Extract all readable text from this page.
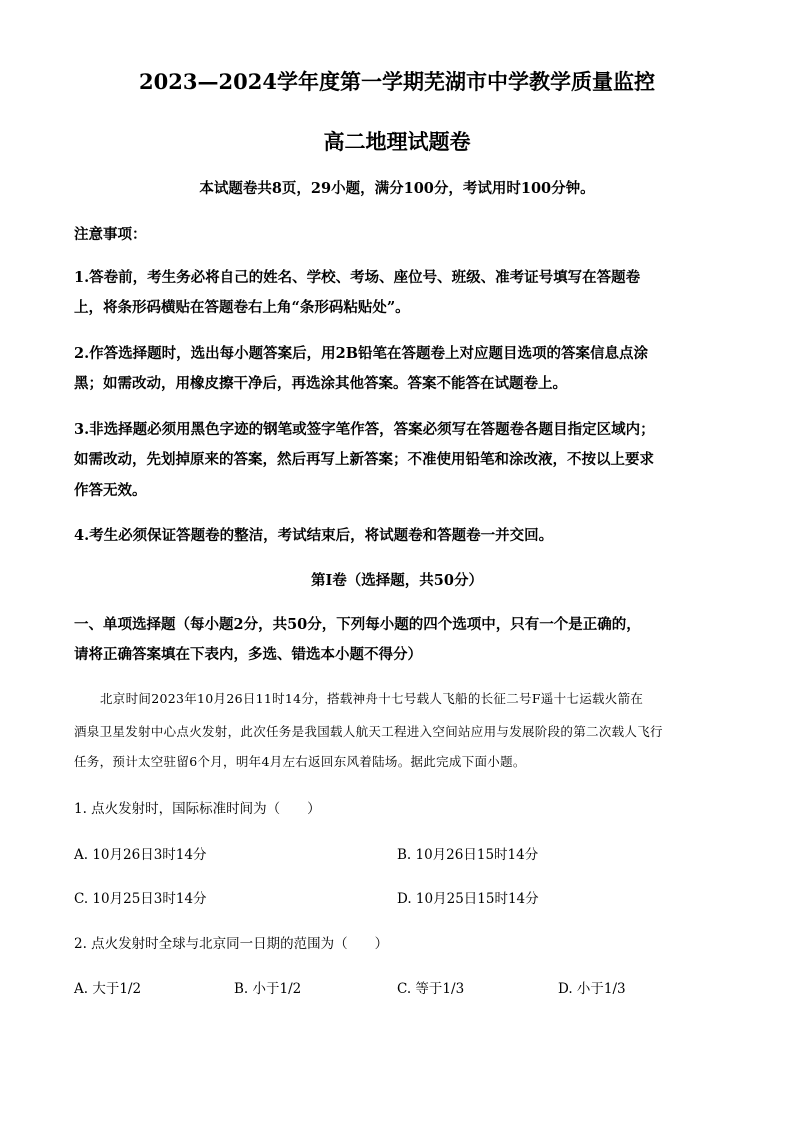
2023—2024学年度第一学期芜湖市中学教学质量监控
高二地理试题卷
本试题卷共8页，29小题，满分100分，考试用时100分钟。
注意事项：
1.答卷前，考生务必将自己的姓名、学校、考场、座位号、班级、准考证号填写在答题卷
上，将条形码横贴在答题卷右上角“条形码粘贴处”。
2.作答选择题时，选出每小题答案后，用2B铅笔在答题卷上对应题目选项的答案信息点涂
黑；如需改动，用橡皮擦干净后，再选涂其他答案。答案不能答在试题卷上。
3.非选择题必须用黑色字迹的钢笔或签字笔作答，答案必须写在答题卷各题目指定区域内；
如需改动，先划掉原来的答案，然后再写上新答案；不准使用铅笔和涂改液，不按以上要求
作答无效。
4.考生必须保证答题卷的整洁，考试结束后，将试题卷和答题卷一并交回。
第Ⅰ卷（选择题，共50分）
一、单项选择题（每小题2分，共50分，下列每小题的四个选项中，只有一个是正确的，
请将正确答案填在下表内，多选、错选本小题不得分）
北京时间2023年10月26日11时14分，搭载神舟十七号载人飞船的长征二号F遥十七运载火箭在
酒泉卫星发射中心点火发射，此次任务是我国载人航天工程进入空间站应用与发展阶段的第二次载人飞行
任务，预计太空驻留6个月，明年4月左右返回东风着陆场。据此完成下面小题。
1. 点火发射时，国际标准时间为（　　）
A. 10月26日3时14分	B. 10月26日15时14分
C. 10月25日3时14分	D. 10月25日15时14分
2. 点火发射时全球与北京同一日期的范围为（　　）
A. 大于1/2	B. 小于1/2	C. 等于1/3	D. 小于1/3
